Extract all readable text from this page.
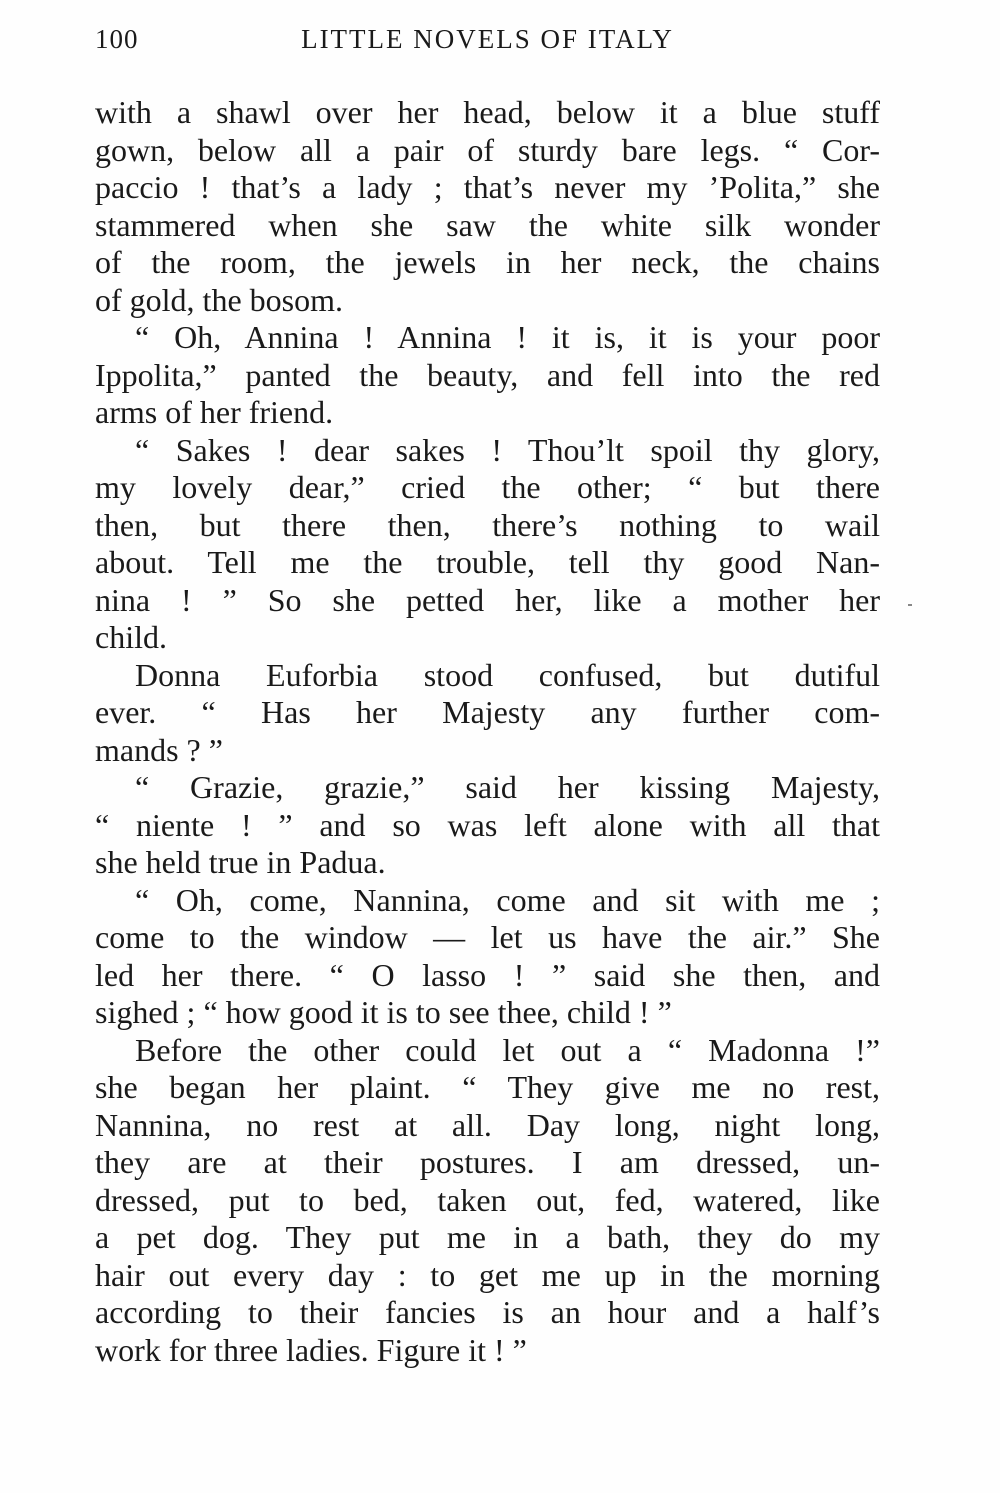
100	LITTLE NOVELS OF ITALY
with a shawl over her head, below it a blue stuff
gown, below all a pair of sturdy bare legs. “ Cor-
paccio ! that’s a lady ; that’s never my ’Polita,” she
stammered when she saw the white silk wonder
of the room, the jewels in her neck, the chains
of gold, the bosom.
“ Oh, Annina ! Annina ! it is, it is your poor
Ippolita,” panted the beauty, and fell into the red
arms of her friend.
“ Sakes ! dear sakes ! Thou’lt spoil thy glory,
my lovely dear,” cried the other; “ but there
then, but there then, there’s nothing to wail
about. Tell me the trouble, tell thy good Nan-
nina ! ” So she petted her, like a mother her
child.
Donna Euforbia stood confused, but dutiful
ever. “ Has her Majesty any further com-
mands ? ”
“ Grazie, grazie,” said her kissing Majesty,
“ niente ! ” and so was left alone with all that
she held true in Padua.
“ Oh, come, Nannina, come and sit with me ;
come to the window — let us have the air.” She
led her there. “ O lasso ! ” said she then, and
sighed ; “ how good it is to see thee, child ! ”
Before the other could let out a “ Madonna !”
she began her plaint. “ They give me no rest,
Nannina, no rest at all. Day long, night long,
they are at their postures. I am dressed, un-
dressed, put to bed, taken out, fed, watered, like
a pet dog. They put me in a bath, they do my
hair out every day : to get me up in the morning
according to their fancies is an hour and a half’s
work for three ladies. Figure it ! ”
